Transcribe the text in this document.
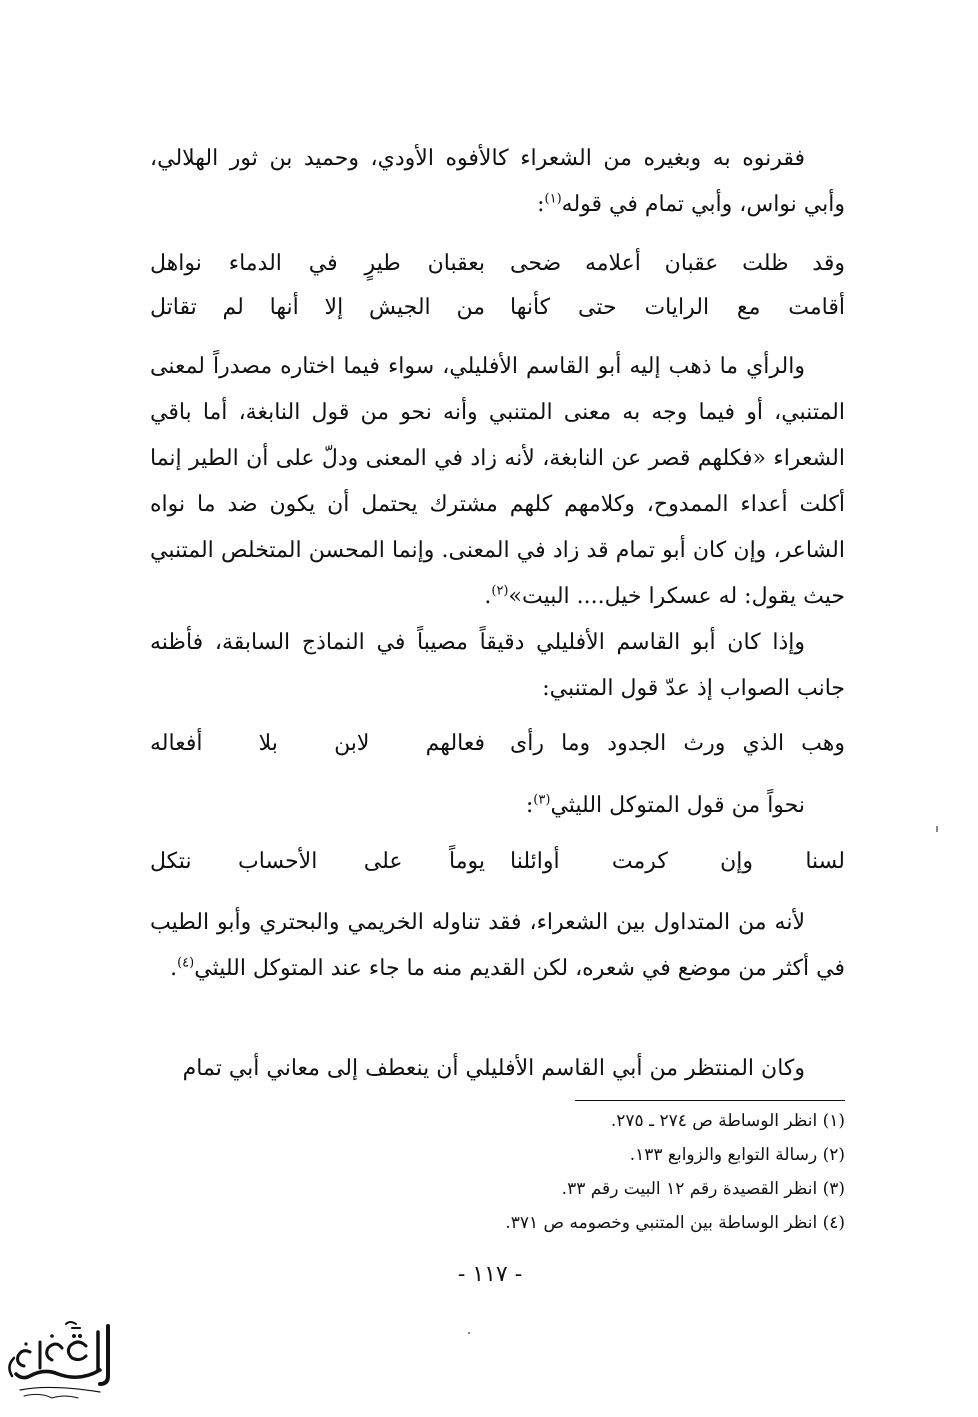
فقرنوه به وبغيره من الشعراء كالأفوه الأودي، وحميد بن ثور الهلالي، وأبي نواس، وأبي تمام في قوله$^{(١)}$:
وقد ظلت عقبان أعلامه ضحى
بعقبان طيرٍ في الدماء نواهل
أقامت مع الرايات حتى كأنها
من الجيش إلا أنها لم تقاتل
والرأي ما ذهب إليه أبو القاسم الأفليلي، سواء فيما اختاره مصدراً لمعنى المتنبي، أو فيما وجه به معنى المتنبي وأنه نحو من قول النابغة، أما باقي الشعراء «فكلهم قصر عن النابغة، لأنه زاد في المعنى ودلّ على أن الطير إنما أكلت أعداء الممدوح، وكلامهم كلهم مشترك يحتمل أن يكون ضد ما نواه الشاعر، وإن كان أبو تمام قد زاد في المعنى. وإنما المحسن المتخلص المتنبي حيث يقول: له عسكرا خيل.... البيت»$^{(٢)}$.
وإذا كان أبو القاسم الأفليلي دقيقاً مصيباً في النماذج السابقة، فأظنه جانب الصواب إذ عدّ قول المتنبي:
وهب الذي ورث الجدود وما رأى
فعالهم لابن بلا أفعاله
نحواً من قول المتوكل الليثي$^{(٣)}$:
لسنا وإن كرمت أوائلنا
يوماً على الأحساب نتكل
لأنه من المتداول بين الشعراء، فقد تناوله الخريمي والبحتري وأبو الطيب في أكثر من موضع في شعره، لكن القديم منه ما جاء عند المتوكل الليثي$^{(٤)}$.
وكان المنتظر من أبي القاسم الأفليلي أن ينعطف إلى معاني أبي تمام
(١) انظر الوساطة ص ٢٧٤ ـ ٢٧٥.
(٢) رسالة التوابع والزوابع ١٣٣.
(٣) انظر القصيدة رقم ١٢ البيت رقم ٣٣.
(٤) انظر الوساطة بين المتنبي وخصومه ص ٣٧١.
- ١١٧ -
